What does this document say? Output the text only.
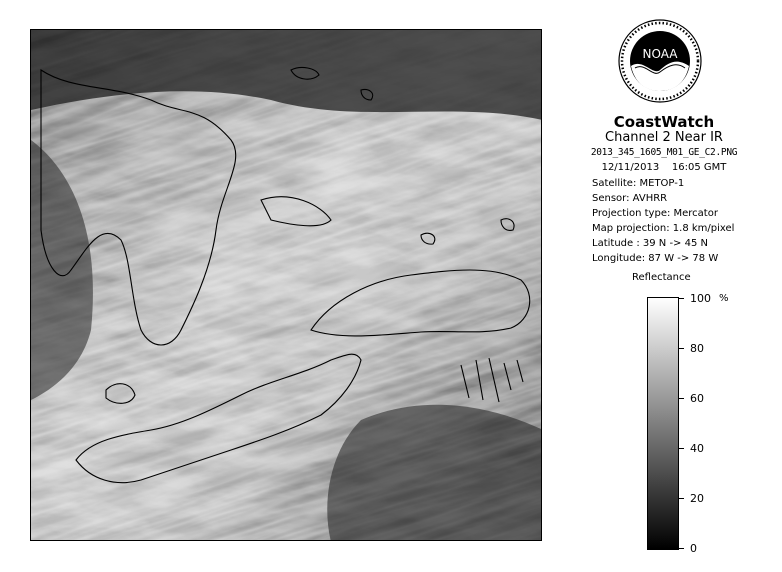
NOAA
CoastWatch
Channel 2 Near IR
2013_345_1605_M01_GE_C2.PNG
12/11/2013    16:05 GMT
Satellite: METOP-1
Sensor: AVHRR
Projection type: Mercator
Map projection: 1.8 km/pixel
Latitude : 39 N -> 45 N
Longitude: 87 W -> 78 W
Reflectance
%
100
80
60
40
20
0
